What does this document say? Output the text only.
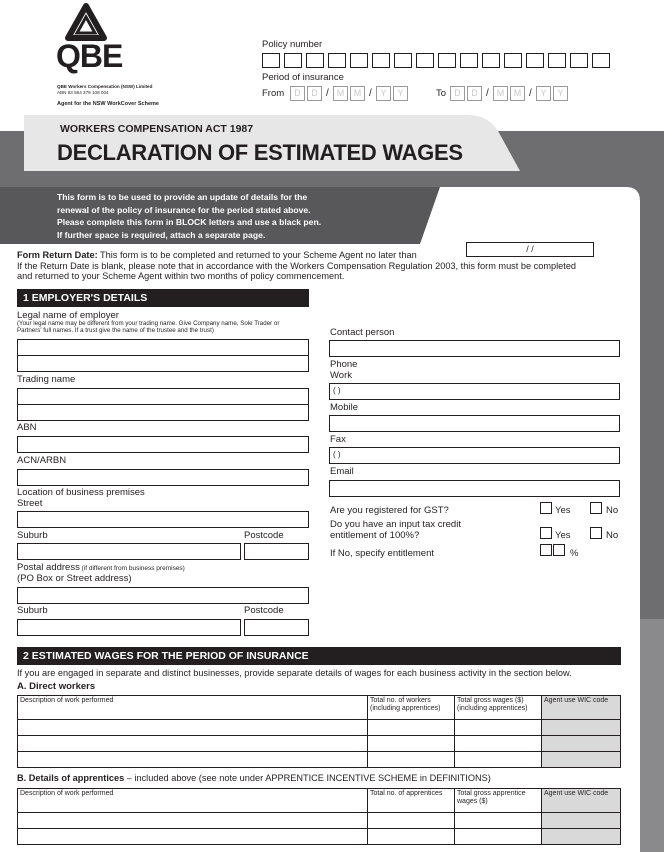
QBE
QBE Workers Compensation (NSW) Limited
ABN 83 564 379 108 004
Agent for the NSW WorkCover Scheme
Policy number
Period of insurance
From	D	D / M	M / Y	Y	To D	D / M	M / Y	Y
WORKERS COMPENSATION ACT 1987
DECLARATION OF ESTIMATED WAGES
This form is to be used to provide an update of details for the
renewal of the policy of insurance for the period stated above.
Please complete this form in BLOCK letters and use a black pen.
If further space is required, attach a separate page.
Form Return Date: This form is to be completed and returned to your Scheme Agent no later than
/ /
If the Return Date is blank, please note that in accordance with the Workers Compensation Regulation 2003, this form must be completed
and returned to your Scheme Agent within two months of policy commencement.
1 EMPLOYER'S DETAILS
Legal name of employer
(Your legal name may be different from your trading name. Give Company name, Sole Trader or
Partners' full names. If a trust give the name of the trustee and the trust)
Trading name
ABN
ACN/ARBN
Location of business premises
Street
Suburb	Postcode
Postal address (if different from business premises)
(PO Box or Street address)
Suburb	Postcode
Contact person
Phone
Work
( )
Mobile
Fax
( )
Email
Are you registered for GST?	Yes	No
Do you have an input tax credit
entitlement of 100%?	Yes	No
If No, specify entitlement	%
2 ESTIMATED WAGES FOR THE PERIOD OF INSURANCE
If you are engaged in separate and distinct businesses, provide separate details of wages for each business activity in the section below.
A. Direct workers
Description of work performed	Total no. of workers (including apprentices)	Total gross wages ($) (including apprentices)	Agent use WIC code

B. Details of apprentices – included above (see note under APPRENTICE INCENTIVE SCHEME in DEFINITIONS)
Description of work performed	Total no. of apprentices	Total gross apprentice wages ($)	Agent use WIC code
